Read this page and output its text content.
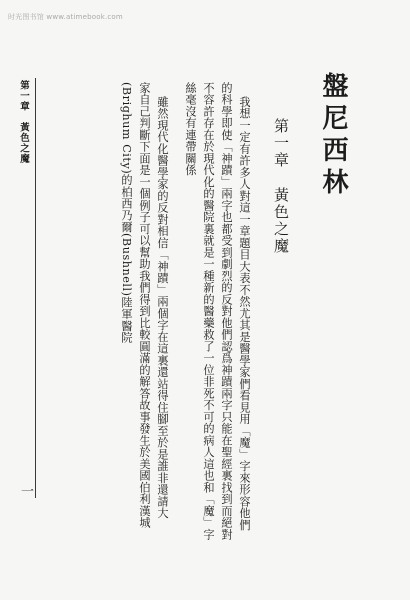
时光图书馆 www.atimebook.com
盤尼西林
第一章黃色之魔
我想一定有許多人對這一章題目大表不然尤其是醫學家們看見用「魔」字來形容他們
的科學即使「神蹟」兩字也都受到劇烈的反對他們認爲神蹟兩字只能在聖經裏找到而絕對
不容許存在於現代化的醫院裏就是一種新的醫藥救了一位非死不可的病人這也和「魔」字
絲毫沒有連帶關係
雖然現代化醫學家的反對相信「神蹟」兩個字在這裏還站得住腳至於是誰非還請大
家自己判斷下面是一個例子可以幫助我們得到比較圓滿的解答故事發生於美國伯利漢城
(Brighum City)的柏西乃爾(Bushnell)陸軍醫院
第一章　黃色之魔
一
